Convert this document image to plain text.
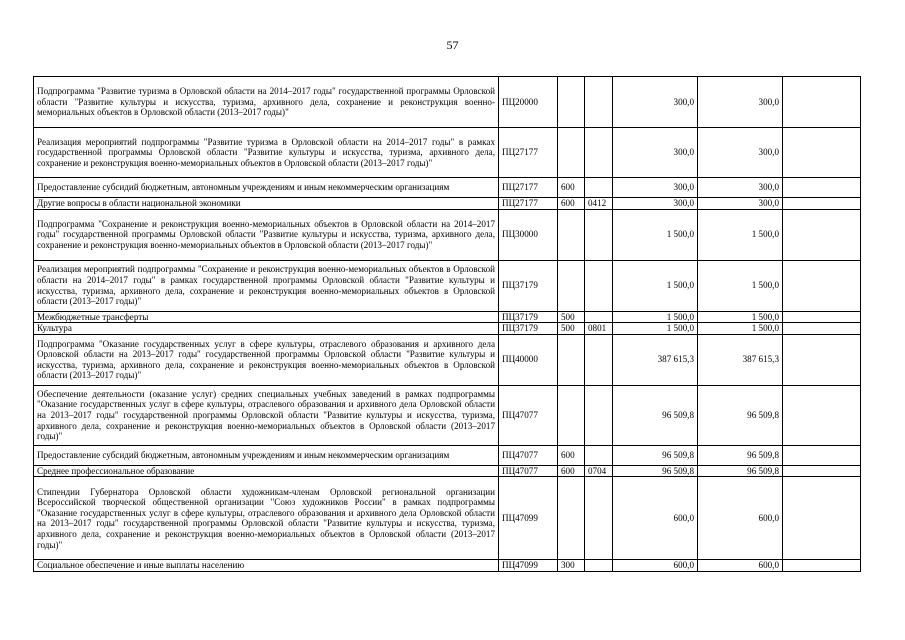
57
Подпрограмма "Развитие туризма в Орловской области на 2014–2017 годы" государственной программы Орловской области "Развитие культуры и искусства, туризма, архивного дела, сохранение и реконструкция военно-мемориальных объектов в Орловской области (2013–2017 годы)"	ПЦ20000			300,0	300,0	
Реализация мероприятий подпрограммы "Развитие туризма в Орловской области на 2014–2017 годы" в рамках государственной программы Орловской области "Развитие культуры и искусства, туризма, архивного дела, сохранение и реконструкция военно-мемориальных объектов в Орловской области (2013–2017 годы)"	ПЦ27177			300,0	300,0	
Предоставление субсидий бюджетным, автономным учреждениям и иным некоммерческим организациям	ПЦ27177	600		300,0	300,0	
Другие вопросы в области национальной экономики	ПЦ27177	600	0412	300,0	300,0	
Подпрограмма "Сохранение и реконструкция военно-мемориальных объектов в Орловской области на 2014–2017 годы" государственной программы Орловской области "Развитие культуры и искусства, туризма, архивного дела, сохранение и реконструкция военно-мемориальных объектов в Орловской области (2013–2017 годы)"	ПЦ30000			1 500,0	1 500,0	
Реализация мероприятий подпрограммы "Сохранение и реконструкция военно-мемориальных объектов в Орловской области на 2014–2017 годы" в рамках государственной программы Орловской области "Развитие культуры и искусства, туризма, архивного дела, сохранение и реконструкция военно-мемориальных объектов в Орловской области (2013–2017 годы)"	ПЦ37179			1 500,0	1 500,0	
Межбюджетные трансферты	ПЦ37179	500		1 500,0	1 500,0	
Культура	ПЦ37179	500	0801	1 500,0	1 500,0	
Подпрограмма "Оказание государственных услуг в сфере культуры, отраслевого образования и архивного дела Орловской области на 2013–2017 годы" государственной программы Орловской области "Развитие культуры и искусства, туризма, архивного дела, сохранение и реконструкция военно-мемориальных объектов в Орловской области (2013–2017 годы)"	ПЦ40000			387 615,3	387 615,3	
Обеспечение деятельности (оказание услуг) средних специальных учебных заведений в рамках подпрограммы "Оказание государственных услуг в сфере культуры, отраслевого образования и архивного дела Орловской области на 2013–2017 годы" государственной программы Орловской области "Развитие культуры и искусства, туризма, архивного дела, сохранение и реконструкция военно-мемориальных объектов в Орловской области (2013–2017 годы)"	ПЦ47077			96 509,8	96 509,8	
Предоставление субсидий бюджетным, автономным учреждениям и иным некоммерческим организациям	ПЦ47077	600		96 509,8	96 509,8	
Среднее профессиональное образование	ПЦ47077	600	0704	96 509,8	96 509,8	
Стипендии Губернатора Орловской области художникам-членам Орловской региональной организации Всероссийской творческой общественной организации "Союз художников России" в рамках подпрограммы "Оказание государственных услуг в сфере культуры, отраслевого образования и архивного дела Орловской области на 2013–2017 годы" государственной программы Орловской области "Развитие культуры и искусства, туризма, архивного дела, сохранение и реконструкция военно-мемориальных объектов в Орловской области (2013–2017 годы)"	ПЦ47099			600,0	600,0	
Социальное обеспечение и иные выплаты населению	ПЦ47099	300		600,0	600,0	
